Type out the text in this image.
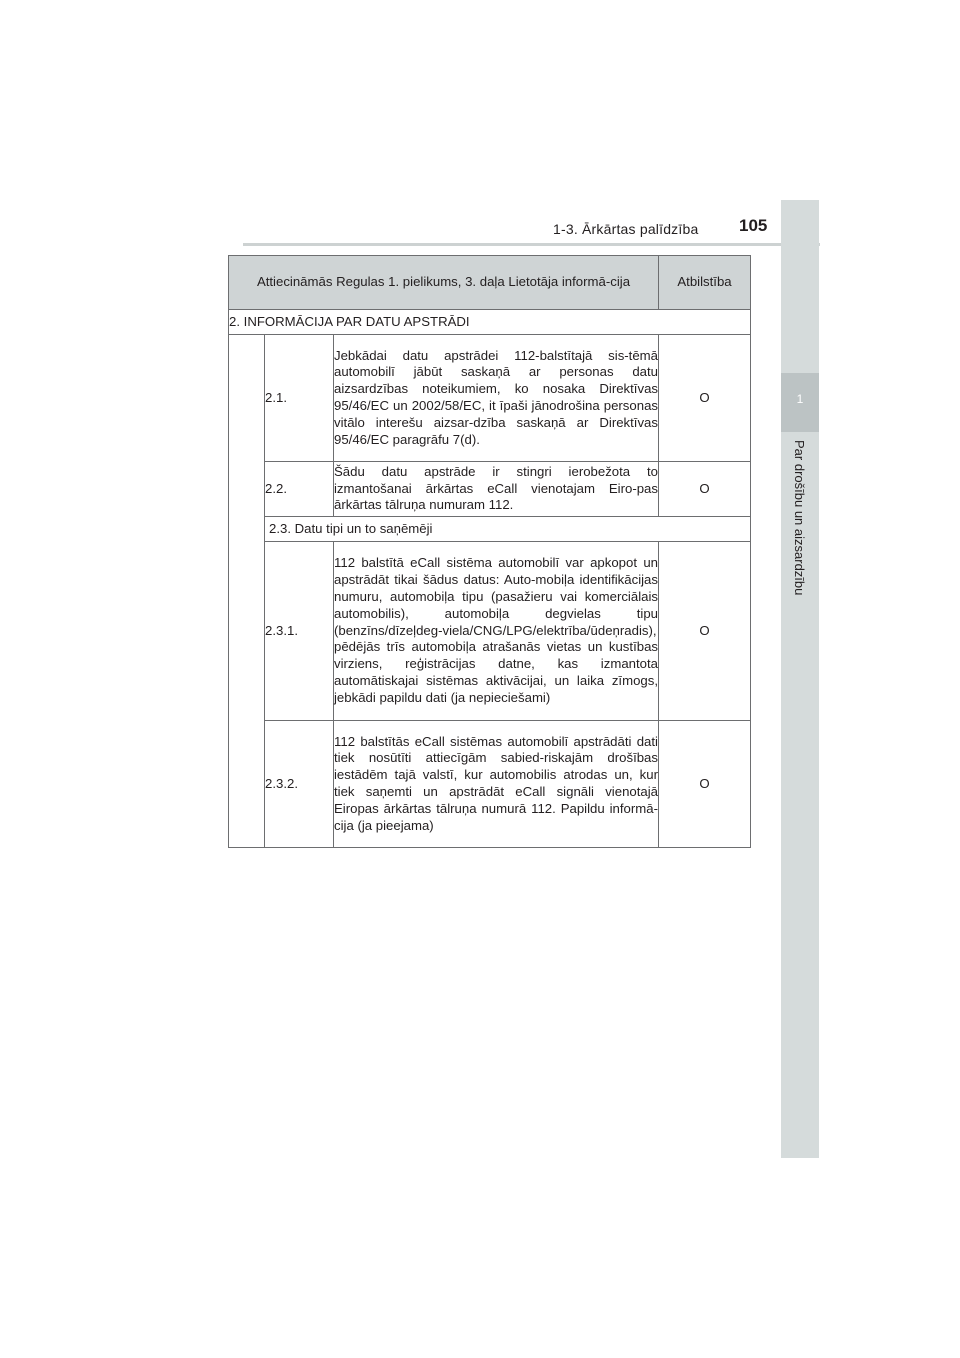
1-3. Ārkārtas palīdzība 105
1
Par drošību un aizsardzību
Attiecināmās Regulas 1. pielikums, 3. daļa Lietotāja informā-cija			Atbilstība
2. INFORMĀCIJA PAR DATU APSTRĀDI			
	2.1.	Jebkādai datu apstrādei 112-balstītajā sis-tēmā automobilī jābūt saskaņā ar personas datu aizsardzības noteikumiem, ko nosaka Direktīvas 95/46/EC un 2002/58/EC, it īpaši jānodrošina personas vitālo interešu aizsar-dzība saskaņā ar Direktīvas 95/46/EC paragrāfu 7(d).	O
	2.2.	Šādu datu apstrāde ir stingri ierobežota to izmantošanai ārkārtas eCall vienotajam Eiro-pas ārkārtas tālruņa numuram 112.	O
	2.3. Datu tipi un to saņēmēji		
	2.3.1.	112 balstītā eCall sistēma automobilī var apkopot un apstrādāt tikai šādus datus: Auto-mobiļa identifikācijas numuru, automobiļa tipu (pasažieru vai komerciālais automobilis), automobiļa degvielas tipu (benzīns/dīzeļdeg-viela/CNG/LPG/elektrība/ūdeņradis), pēdējās trīs automobiļa atrašanās vietas un kustības virziens, reģistrācijas datne, kas izmantota automātiskajai sistēmas aktivācijai, un laika zīmogs, jebkādi papildu dati (ja nepieciešami)	O
	2.3.2.	112 balstītās eCall sistēmas automobilī apstrādāti dati tiek nosūtīti attiecīgām sabied-riskajām drošības iestādēm tajā valstī, kur automobilis atrodas un, kur tiek saņemti un apstrādāt eCall signāli vienotajā Eiropas ārkārtas tālruņa numurā 112. Papildu informā-cija (ja pieejama)	O
